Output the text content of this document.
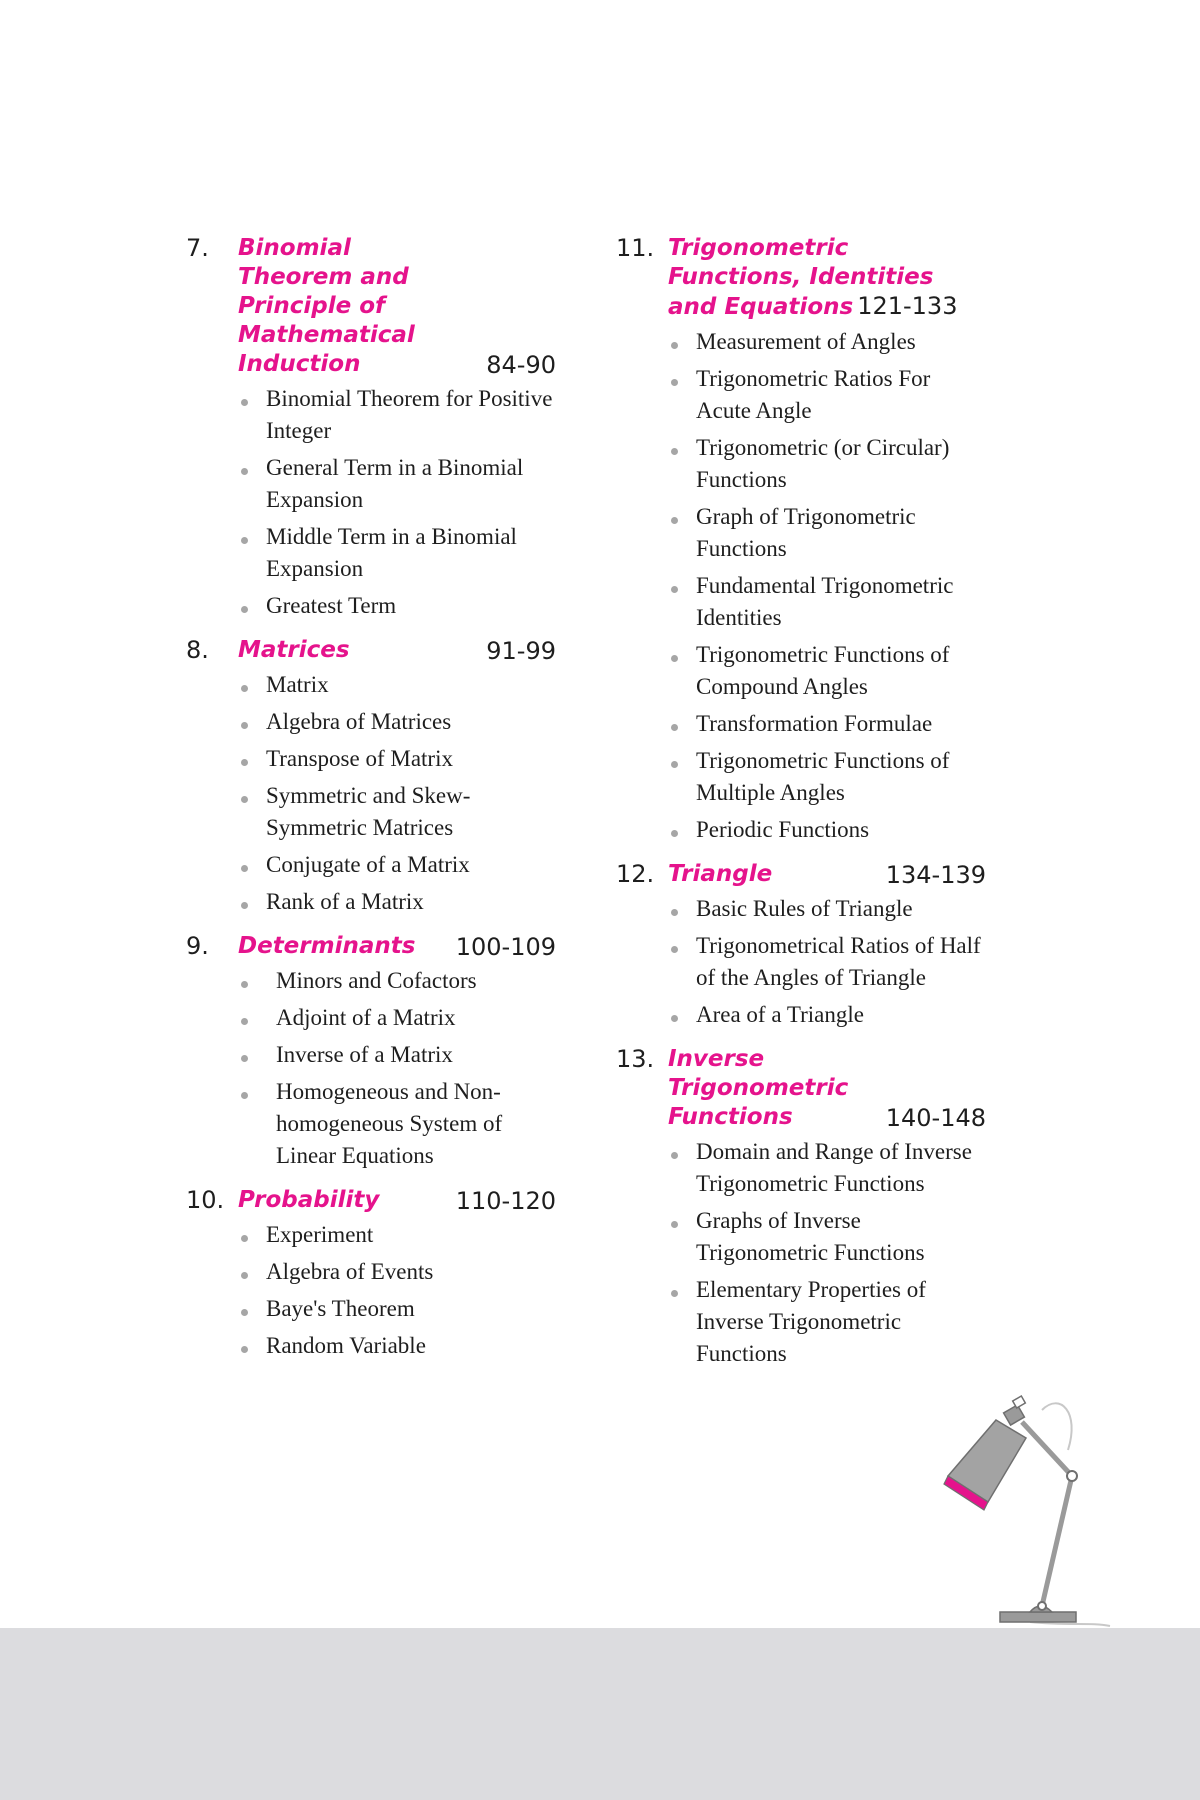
7. Binomial Theorem and Principle of Mathematical Induction	84-90
Binomial Theorem for Positive Integer
General Term in a Binomial Expansion
Middle Term in a Binomial Expansion
Greatest Term
8. Matrices	91-99
Matrix
Algebra of Matrices
Transpose of Matrix
Symmetric and Skew-Symmetric Matrices
Conjugate of a Matrix
Rank of a Matrix
9. Determinants 100-109
Minors and Cofactors
Adjoint of a Matrix
Inverse of a Matrix
Homogeneous and Non-homogeneous System of Linear Equations
10. Probability	110-120
Experiment
Algebra of Events
Baye's Theorem
Random Variable
11. Trigonometric Functions, Identities and Equations 121-133
Measurement of Angles
Trigonometric Ratios For Acute Angle
Trigonometric (or Circular) Functions
Graph of Trigonometric Functions
Fundamental Trigonometric Identities
Trigonometric Functions of Compound Angles
Transformation Formulae
Trigonometric Functions of Multiple Angles
Periodic Functions
12. Triangle	134-139
Basic Rules of Triangle
Trigonometrical Ratios of Half of the Angles of Triangle
Area of a Triangle
13. Inverse Trigonometric Functions	140-148
Domain and Range of Inverse Trigonometric Functions
Graphs of Inverse Trigonometric Functions
Elementary Properties of Inverse Trigonometric Functions
